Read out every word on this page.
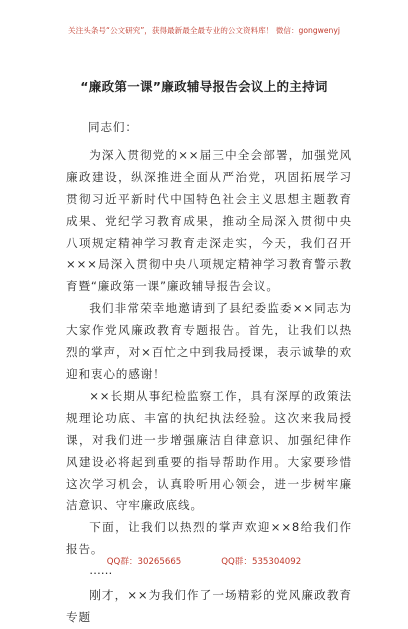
关注头条号“公文研究”，获得最新最全最专业的公文资料库！ 微信：gongwenyj
“廉政第一课”廉政辅导报告会议上的主持词

同志们：

为深入贯彻党的××届三中全会部署，加强党风廉政建设，纵深推进全面从严治党，巩固拓展学习贯彻习近平新时代中国特色社会主义思想主题教育成果、党纪学习教育成果，推动全局深入贯彻中央八项规定精神学习教育走深走实，今天，我们召开×××局深入贯彻中央八项规定精神学习教育警示教育暨“廉政第一课”廉政辅导报告会议。

我们非常荣幸地邀请到了县纪委监委××同志为大家作党风廉政教育专题报告。首先，让我们以热烈的掌声，对×百忙之中到我局授课，表示诚挚的欢迎和衷心的感谢！

××长期从事纪检监察工作，具有深厚的政策法规理论功底、丰富的执纪执法经验。这次来我局授课，对我们进一步增强廉洁自律意识、加强纪律作风建设必将起到重要的指导帮助作用。大家要珍惜这次学习机会，认真聆听用心领会，进一步树牢廉洁意识、守牢廉政底线。

下面，让我们以热烈的掌声欢迎××8给我们作报告。

……

刚才，××为我们作了一场精彩的党风廉政教育专题

QQ群：30265665	QQ群：535304092
